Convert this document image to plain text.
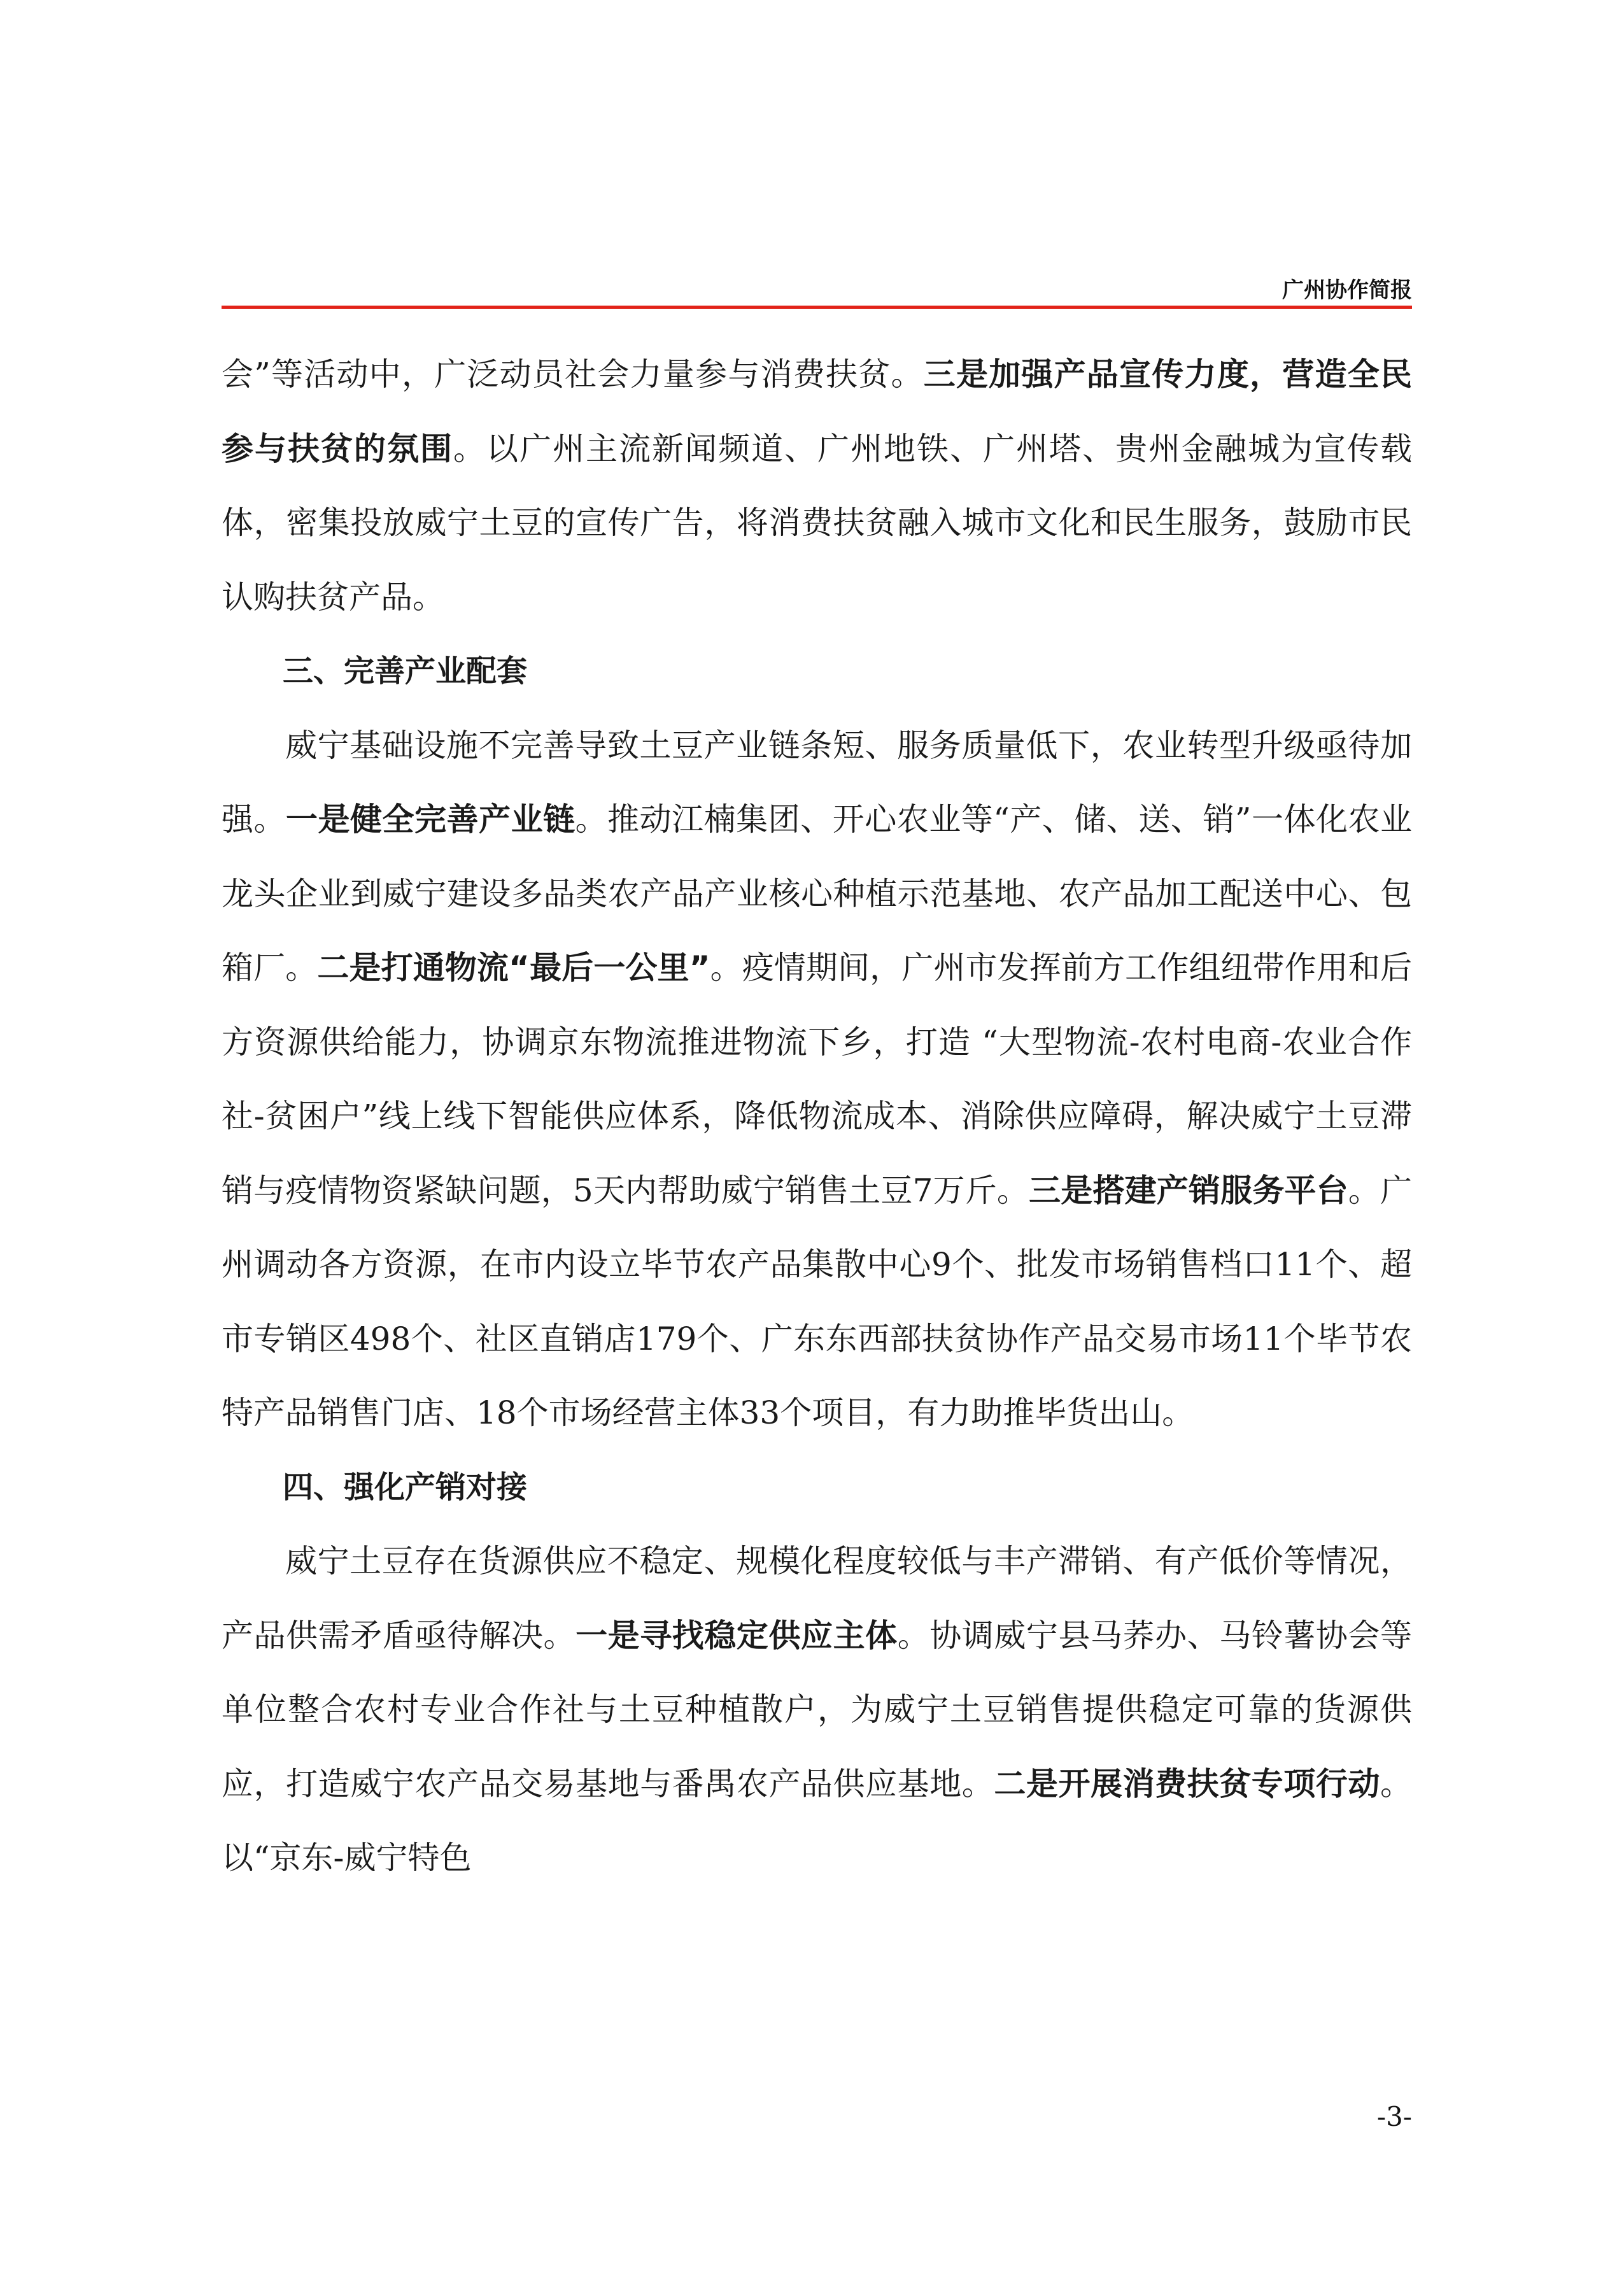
广州协作简报

会”等活动中，广泛动员社会力量参与消费扶贫。三是加强产品宣传力度，营造全民参与扶贫的氛围。以广州主流新闻频道、广州地铁、广州塔、贵州金融城为宣传载体，密集投放威宁土豆的宣传广告，将消费扶贫融入城市文化和民生服务，鼓励市民认购扶贫产品。

三、完善产业配套

威宁基础设施不完善导致土豆产业链条短、服务质量低下，农业转型升级亟待加强。一是健全完善产业链。推动江楠集团、开心农业等“产、储、送、销”一体化农业龙头企业到威宁建设多品类农产品产业核心种植示范基地、农产品加工配送中心、包箱厂。二是打通物流“最后一公里”。疫情期间，广州市发挥前方工作组纽带作用和后方资源供给能力，协调京东物流推进物流下乡，打造 “大型物流-农村电商-农业合作社-贫困户”线上线下智能供应体系，降低物流成本、消除供应障碍，解决威宁土豆滞销与疫情物资紧缺问题，5天内帮助威宁销售土豆7万斤。三是搭建产销服务平台。广州调动各方资源，在市内设立毕节农产品集散中心9个、批发市场销售档口11个、超市专销区498个、社区直销店179个、广东东西部扶贫协作产品交易市场11个毕节农特产品销售门店、18个市场经营主体33个项目，有力助推毕货出山。

四、强化产销对接

威宁土豆存在货源供应不稳定、规模化程度较低与丰产滞销、有产低价等情况，产品供需矛盾亟待解决。一是寻找稳定供应主体。协调威宁县马荞办、马铃薯协会等单位整合农村专业合作社与土豆种植散户，为威宁土豆销售提供稳定可靠的货源供应，打造威宁农产品交易基地与番禺农产品供应基地。二是开展消费扶贫专项行动。以“京东-威宁特色

-3-
